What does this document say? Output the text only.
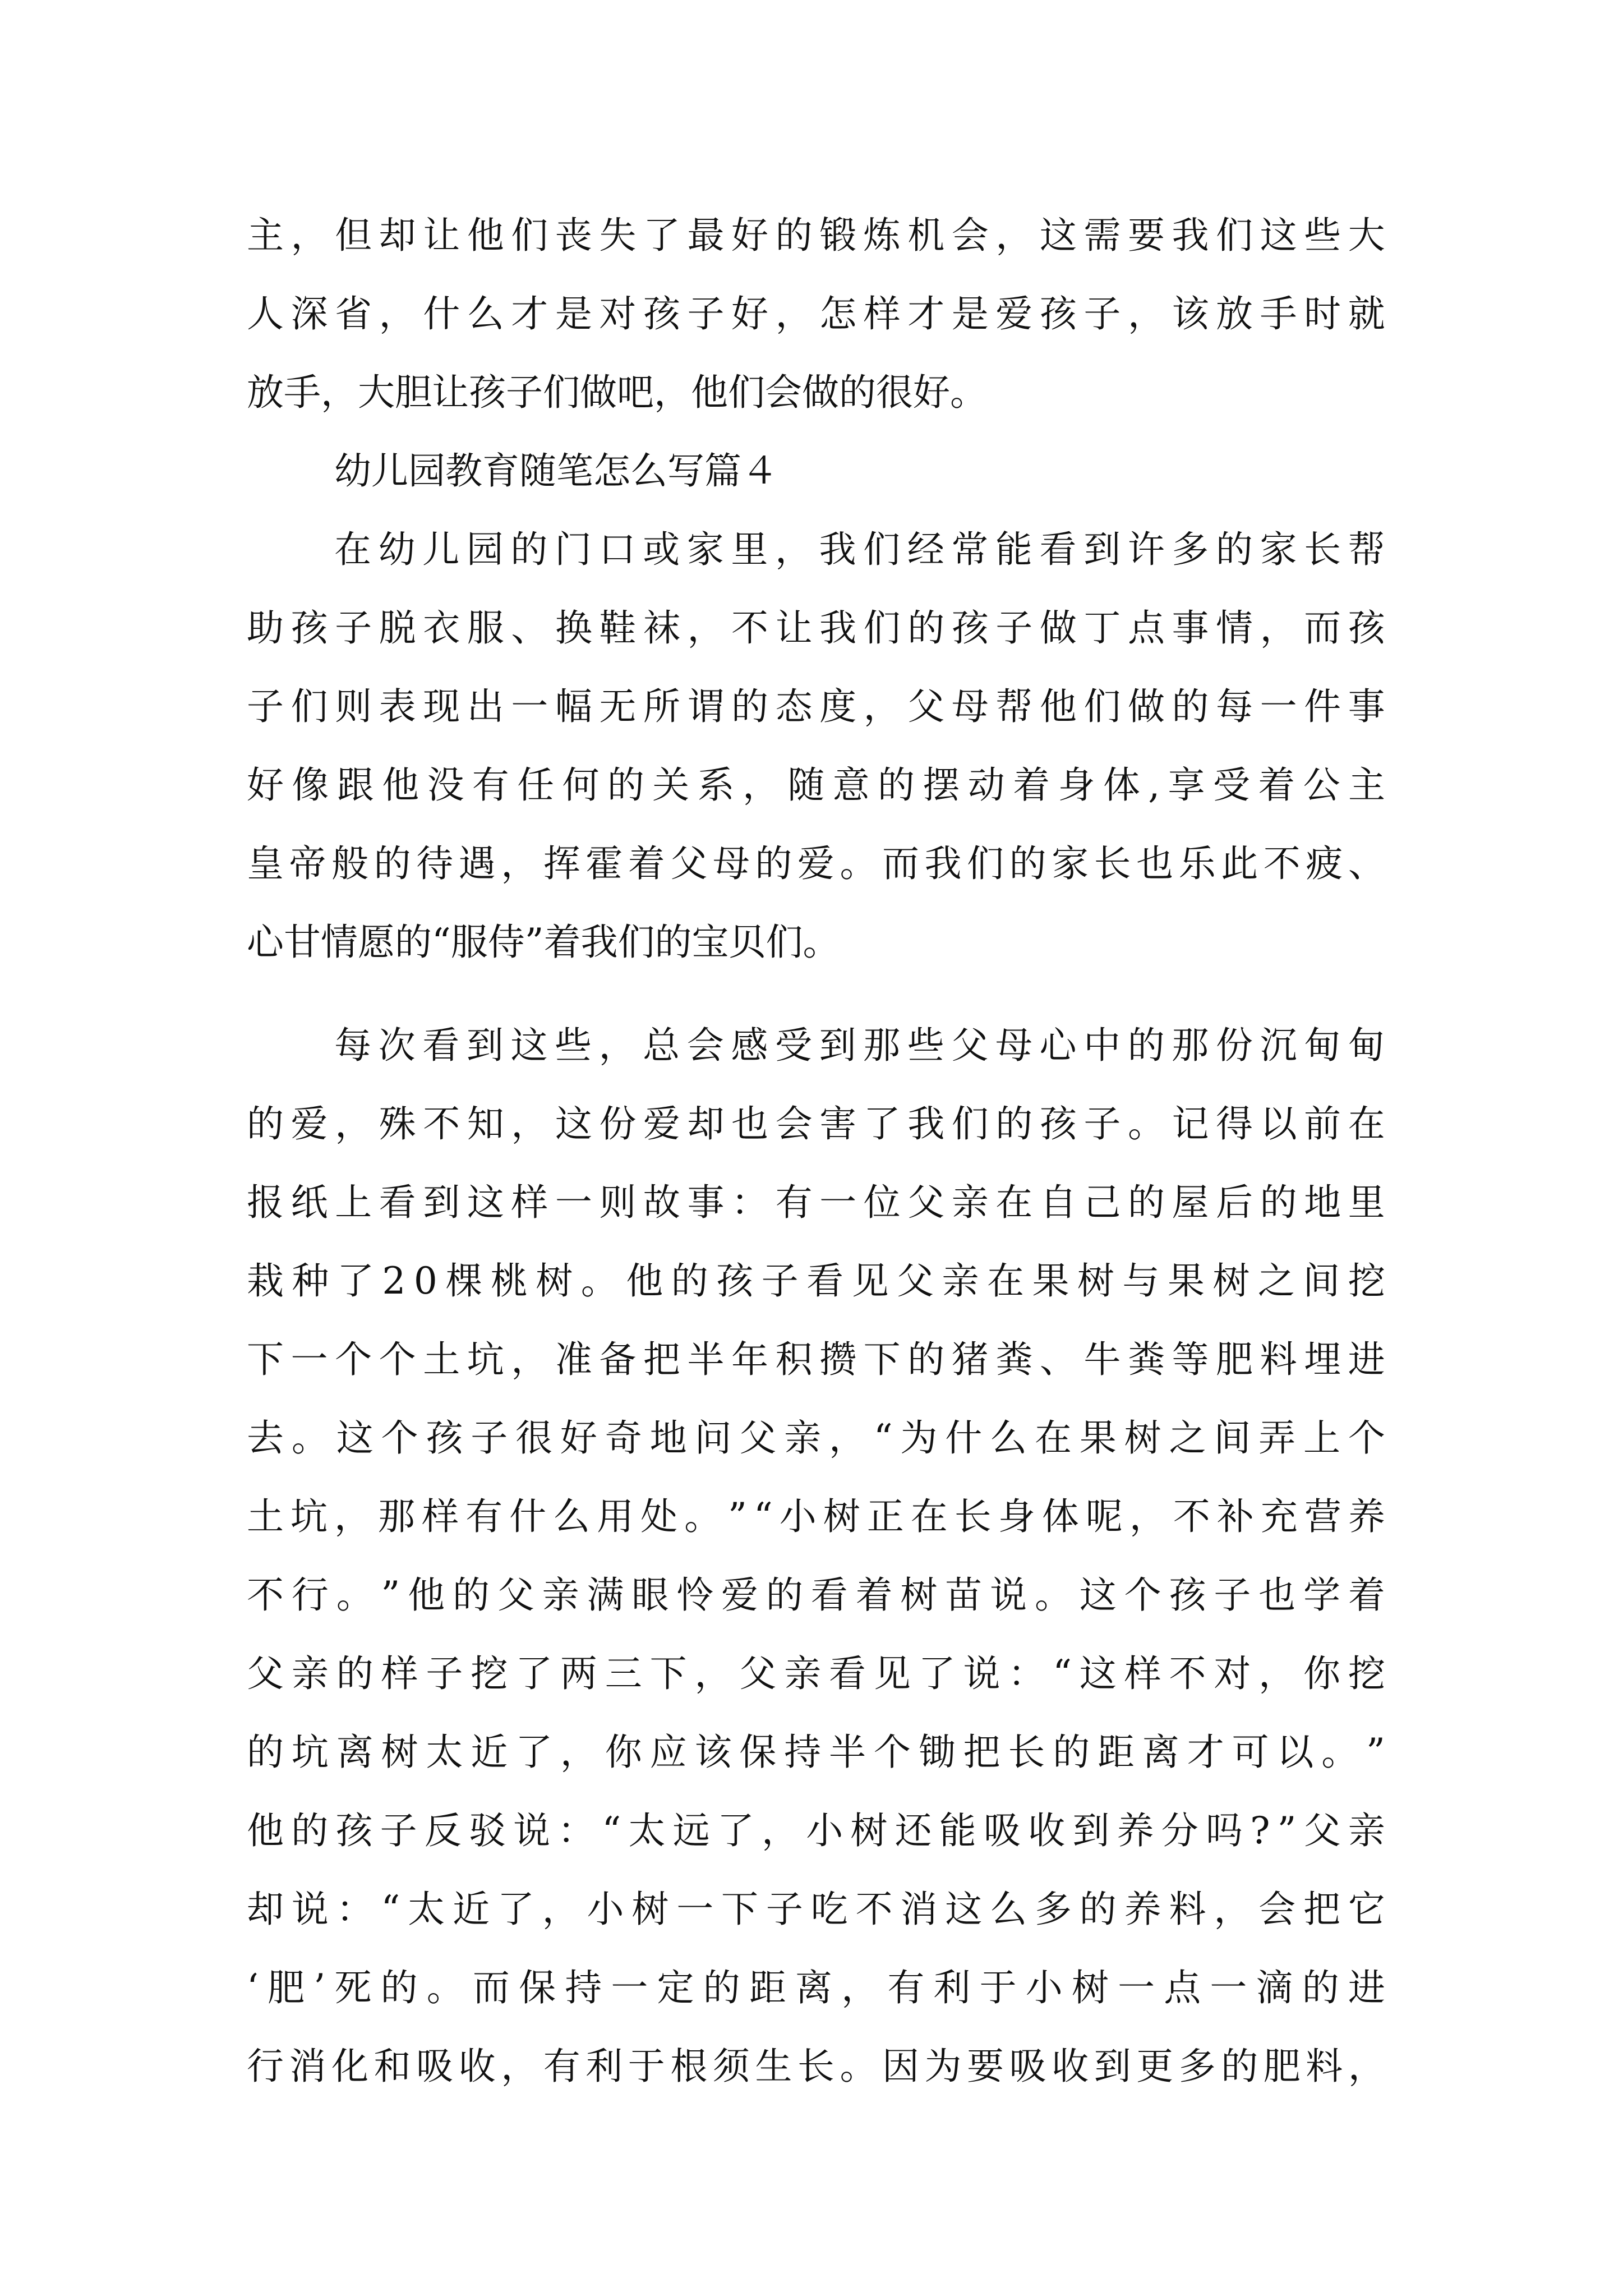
主 ， 但 却 让 他 们 丧 失 了 最 好 的 锻 炼 机 会 ， 这 需 要 我 们 这 些 大
人 深 省 ， 什 么 才 是 对 孩 子 好 ， 怎 样 才 是 爱 孩 子 ， 该 放 手 时 就
放手，大胆让孩子们做吧，他们会做的很好。
幼儿园教育随笔怎么写篇４
在 幼 儿 园 的 门 口 或 家 里 ， 我 们 经 常 能 看 到 许 多 的 家 长 帮
助 孩 子 脱 衣 服 、 换 鞋 袜 ， 不 让 我 们 的 孩 子 做 丁 点 事 情 ， 而 孩
子 们 则 表 现 出 一 幅 无 所 谓 的 态 度 ， 父 母 帮 他 们 做 的 每 一 件 事
好 像 跟 他 没 有 任 何 的 关 系 ， 随 意 的 摆 动 着 身 体 , 享 受 着 公 主
皇 帝 般 的 待 遇 ， 挥 霍 着 父 母 的 爱 。 而 我 们 的 家 长 也 乐 此 不 疲 、
心甘情愿的“服侍”着我们的宝贝们。
每 次 看 到 这 些 ， 总 会 感 受 到 那 些 父 母 心 中 的 那 份 沉 甸 甸
的 爱 ， 殊 不 知 ， 这 份 爱 却 也 会 害 了 我 们 的 孩 子 。 记 得 以 前 在
报 纸 上 看 到 这 样 一 则 故 事 ： 有 一 位 父 亲 在 自 己 的 屋 后 的 地 里
栽 种 了 2 0 棵 桃 树 。 他 的 孩 子 看 见 父 亲 在 果 树 与 果 树 之 间 挖
下 一 个 个 土 坑 ， 准 备 把 半 年 积 攒 下 的 猪 粪 、 牛 粪 等 肥 料 埋 进
去 。 这 个 孩 子 很 好 奇 地 问 父 亲 ， “ 为 什 么 在 果 树 之 间 弄 上 个
土 坑 ， 那 样 有 什 么 用 处 。 ” “ 小 树 正 在 长 身 体 呢 ， 不 补 充 营 养
不 行 。 ” 他 的 父 亲 满 眼 怜 爱 的 看 着 树 苗 说 。 这 个 孩 子 也 学 着
父 亲 的 样 子 挖 了 两 三 下 ， 父 亲 看 见 了 说 ： “ 这 样 不 对 ， 你 挖
的 坑 离 树 太 近 了 ， 你 应 该 保 持 半 个 锄 把 长 的 距 离 才 可 以 。 ”
他 的 孩 子 反 驳 说 ： “ 太 远 了 ， 小 树 还 能 吸 收 到 养 分 吗 ? ” 父 亲
却 说 ： “ 太 近 了 ， 小 树 一 下 子 吃 不 消 这 么 多 的 养 料 ， 会 把 它
‘ 肥 ’ 死 的 。 而 保 持 一 定 的 距 离 ， 有 利 于 小 树 一 点 一 滴 的 进
行 消 化 和 吸 收 ， 有 利 于 根 须 生 长 。 因 为 要 吸 收 到 更 多 的 肥 料 ，
